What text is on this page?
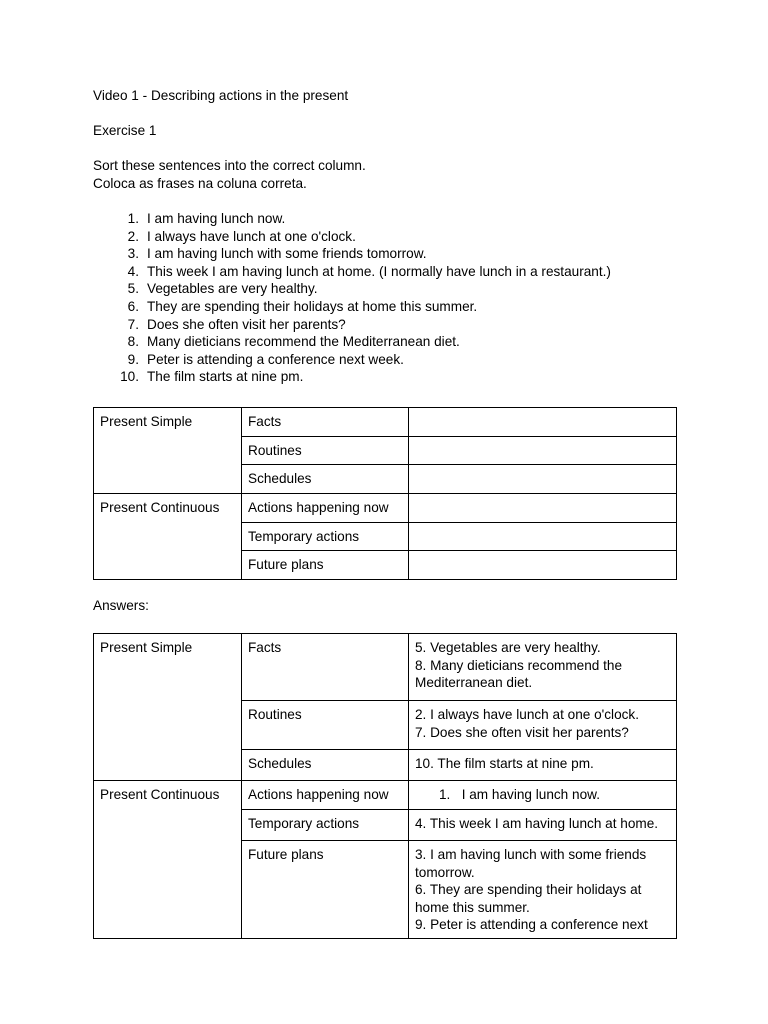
Video 1 - Describing actions in the present
Exercise 1
Sort these sentences into the correct column.
Coloca as frases na coluna correta.
1. I am having lunch now.
2. I always have lunch at one o'clock.
3. I am having lunch with some friends tomorrow.
4. This week I am having lunch at home. (I normally have lunch in a restaurant.)
5. Vegetables are very healthy.
6. They are spending their holidays at home this summer.
7. Does she often visit her parents?
8. Many dieticians recommend the Mediterranean diet.
9. Peter is attending a conference next week.
10. The film starts at nine pm.
Present Simple	Facts	
	Routines	
	Schedules	
Present Continuous	Actions happening now	
	Temporary actions	
	Future plans	
Answers:
Present Simple	Facts	5. Vegetables are very healthy.
8. Many dieticians recommend the Mediterranean diet.

	Routines	2. I always have lunch at one o'clock.
7. Does she often visit her parents?

	Schedules	10. The film starts at nine pm.

Present Continuous	Actions happening now	1. I am having lunch now.

	Temporary actions	4. This week I am having lunch at home.

	Future plans	3. I am having lunch with some friends tomorrow.
6. They are spending their holidays at home this summer.
9. Peter is attending a conference next
